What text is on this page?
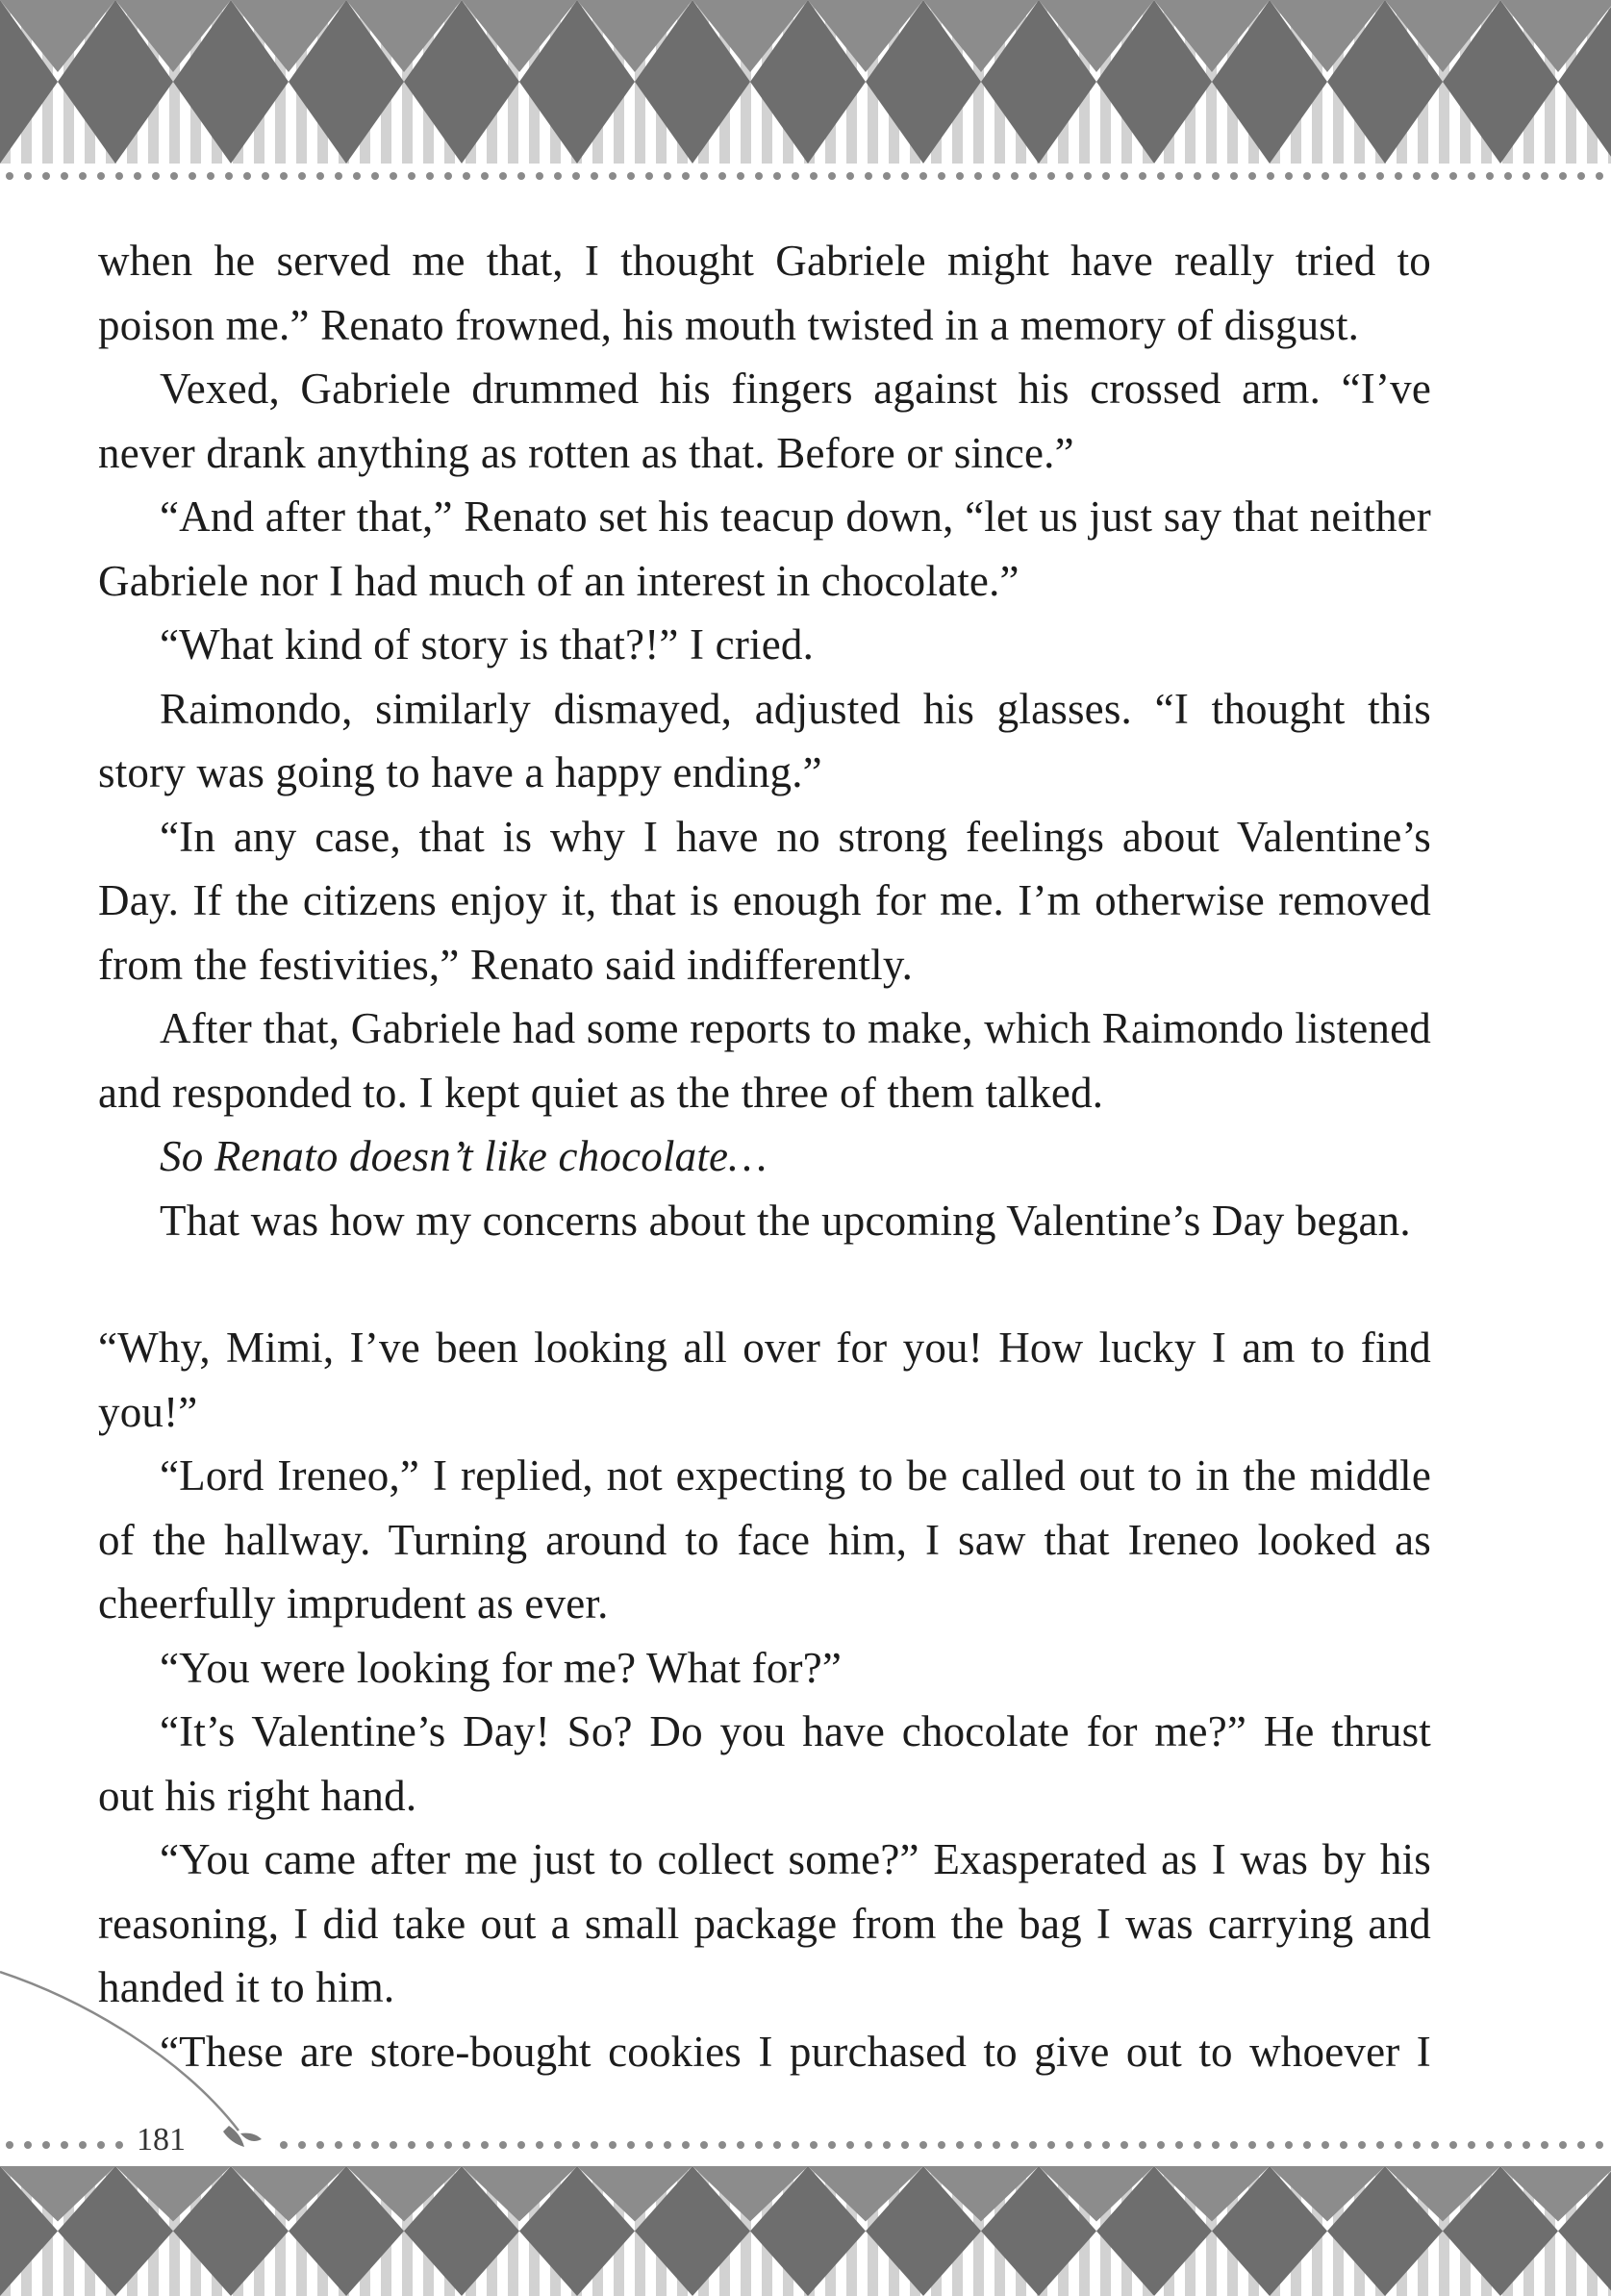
when he served me that, I thought Gabriele might have really tried to poison me.” Renato frowned, his mouth twisted in a memory of disgust.

Vexed, Gabriele drummed his fingers against his crossed arm. “I’ve never drank anything as rotten as that. Before or since.”

“And after that,” Renato set his teacup down, “let us just say that neither Gabriele nor I had much of an interest in chocolate.”

“What kind of story is that?!” I cried.

Raimondo, similarly dismayed, adjusted his glasses. “I thought this story was going to have a happy ending.”

“In any case, that is why I have no strong feelings about Valentine’s Day. If the citizens enjoy it, that is enough for me. I’m otherwise removed from the festivities,” Renato said indifferently.

After that, Gabriele had some reports to make, which Raimondo listened and responded to. I kept quiet as the three of them talked.

So Renato doesn’t like chocolate…

That was how my concerns about the upcoming Valentine’s Day began.

“Why, Mimi, I’ve been looking all over for you! How lucky I am to find you!”

“Lord Ireneo,” I replied, not expecting to be called out to in the middle of the hallway. Turning around to face him, I saw that Ireneo looked as cheerfully imprudent as ever.

“You were looking for me? What for?”

“It’s Valentine’s Day! So? Do you have chocolate for me?” He thrust out his right hand.

“You came after me just to collect some?” Exasperated as I was by his reasoning, I did take out a small package from the bag I was carrying and handed it to him.

“These are store-bought cookies I purchased to give out to whoever I

181
